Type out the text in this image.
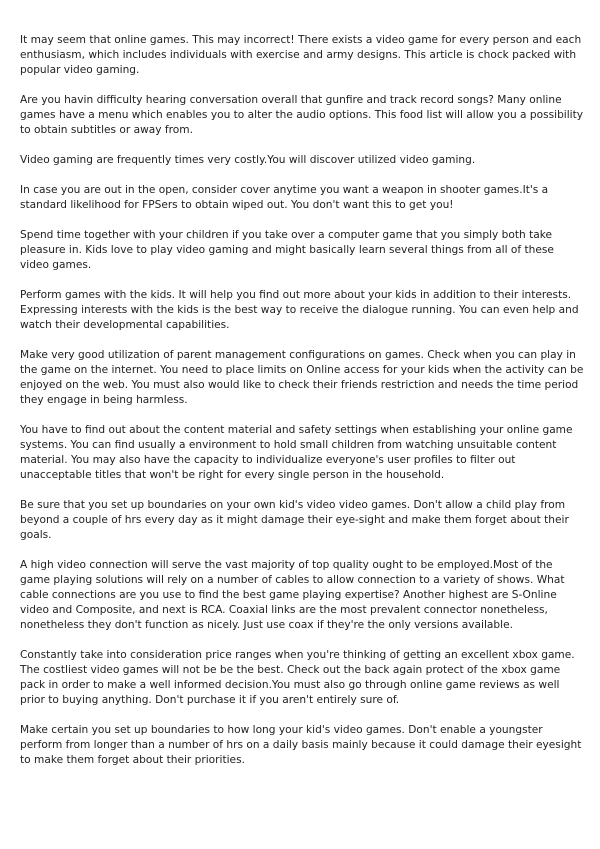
It may seem that online games. This may incorrect! There exists a video game for every person and each enthusiasm, which includes individuals with exercise and army designs. This article is chock packed with popular video gaming.

Are you havin difficulty hearing conversation overall that gunfire and track record songs? Many online games have a menu which enables you to alter the audio options. This food list will allow you a possibility to obtain subtitles or away from.

Video gaming are frequently times very costly.You will discover utilized video gaming.

In case you are out in the open, consider cover anytime you want a weapon in shooter games.It's a standard likelihood for FPSers to obtain wiped out. You don't want this to get you!

Spend time together with your children if you take over a computer game that you simply both take pleasure in. Kids love to play video gaming and might basically learn several things from all of these video games.

Perform games with the kids. It will help you find out more about your kids in addition to their interests. Expressing interests with the kids is the best way to receive the dialogue running. You can even help and watch their developmental capabilities.

Make very good utilization of parent management configurations on games. Check when you can play in the game on the internet. You need to place limits on Online access for your kids when the activity can be enjoyed on the web. You must also would like to check their friends restriction and needs the time period they engage in being harmless.

You have to find out about the content material and safety settings when establishing your online game systems. You can find usually a environment to hold small children from watching unsuitable content material. You may also have the capacity to individualize everyone's user profiles to filter out unacceptable titles that won't be right for every single person in the household.

Be sure that you set up boundaries on your own kid's video video games. Don't allow a child play from beyond a couple of hrs every day as it might damage their eye-sight and make them forget about their goals.

A high video connection will serve the vast majority of top quality ought to be employed.Most of the game playing solutions will rely on a number of cables to allow connection to a variety of shows. What cable connections are you use to find the best game playing expertise? Another highest are S-Online video and Composite, and next is RCA. Coaxial links are the most prevalent connector nonetheless, nonetheless they don't function as nicely. Just use coax if they're the only versions available.

Constantly take into consideration price ranges when you're thinking of getting an excellent xbox game. The costliest video games will not be be the best. Check out the back again protect of the xbox game pack in order to make a well informed decision.You must also go through online game reviews as well prior to buying anything. Don't purchase it if you aren't entirely sure of.

Make certain you set up boundaries to how long your kid's video games. Don't enable a youngster perform from longer than a number of hrs on a daily basis mainly because it could damage their eyesight to make them forget about their priorities.
